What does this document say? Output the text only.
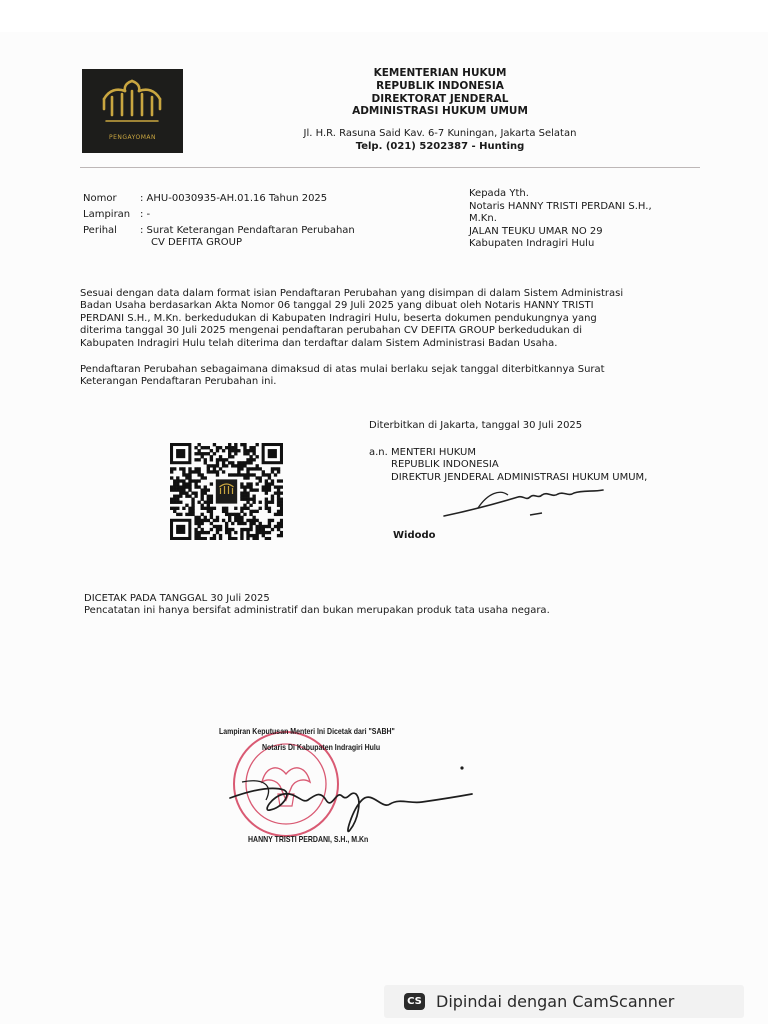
PENGAYOMAN
KEMENTERIAN HUKUM
REPUBLIK INDONESIA
DIREKTORAT JENDERAL
ADMINISTRASI HUKUM UMUM
Jl. H.R. Rasuna Said Kav. 6-7 Kuningan, Jakarta Selatan
Telp. (021) 5202387 - Hunting
Nomor : AHU-0030935-AH.01.16 Tahun 2025
Lampiran : -
Perihal : Surat Keterangan Pendaftaran Perubahan
CV DEFITA GROUP
Kepada Yth.
Notaris HANNY TRISTI PERDANI S.H.,
M.Kn.
JALAN TEUKU UMAR NO 29
Kabupaten Indragiri Hulu
Sesuai dengan data dalam format isian Pendaftaran Perubahan yang disimpan di dalam Sistem Administrasi
Badan Usaha berdasarkan Akta Nomor 06 tanggal 29 Juli 2025 yang dibuat oleh Notaris HANNY TRISTI
PERDANI S.H., M.Kn. berkedudukan di Kabupaten Indragiri Hulu, beserta dokumen pendukungnya yang
diterima tanggal 30 Juli 2025 mengenai pendaftaran perubahan CV DEFITA GROUP berkedudukan di
Kabupaten Indragiri Hulu telah diterima dan terdaftar dalam Sistem Administrasi Badan Usaha.
Pendaftaran Perubahan sebagaimana dimaksud di atas mulai berlaku sejak tanggal diterbitkannya Surat
Keterangan Pendaftaran Perubahan ini.
Diterbitkan di Jakarta, tanggal 30 Juli 2025
a.n. MENTERI HUKUM
REPUBLIK INDONESIA
DIREKTUR JENDERAL ADMINISTRASI HUKUM UMUM,
Widodo
DICETAK PADA TANGGAL 30 Juli 2025
Pencatatan ini hanya bersifat administratif dan bukan merupakan produk tata usaha negara.
Lampiran Keputusan Menteri Ini Dicetak dari "SABH"
Notaris Di Kabupaten Indragiri Hulu
HANNY TRISTI PERDANI, S.H., M.Kn
CS Dipindai dengan CamScanner
